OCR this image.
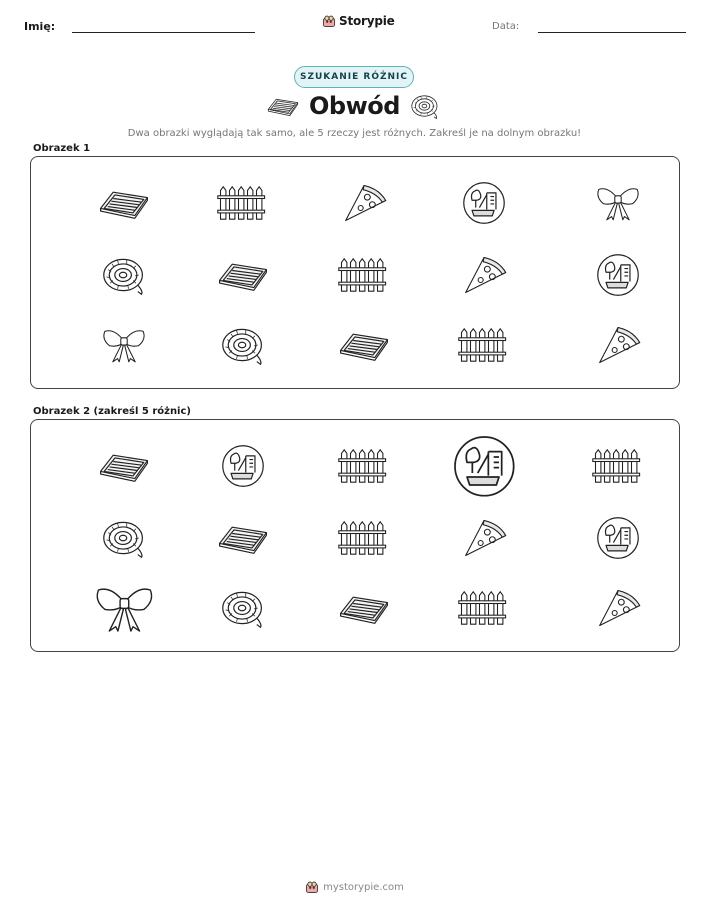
Imię:	Storypie	Data:
SZUKANIE RÓŻNIC
Obwód
Dwa obrazki wyglądają tak samo, ale 5 rzeczy jest różnych. Zakreśl je na dolnym obrazku!
Obrazek 1
Obrazek 2 (zakreśl 5 różnic)
mystorypie.com
